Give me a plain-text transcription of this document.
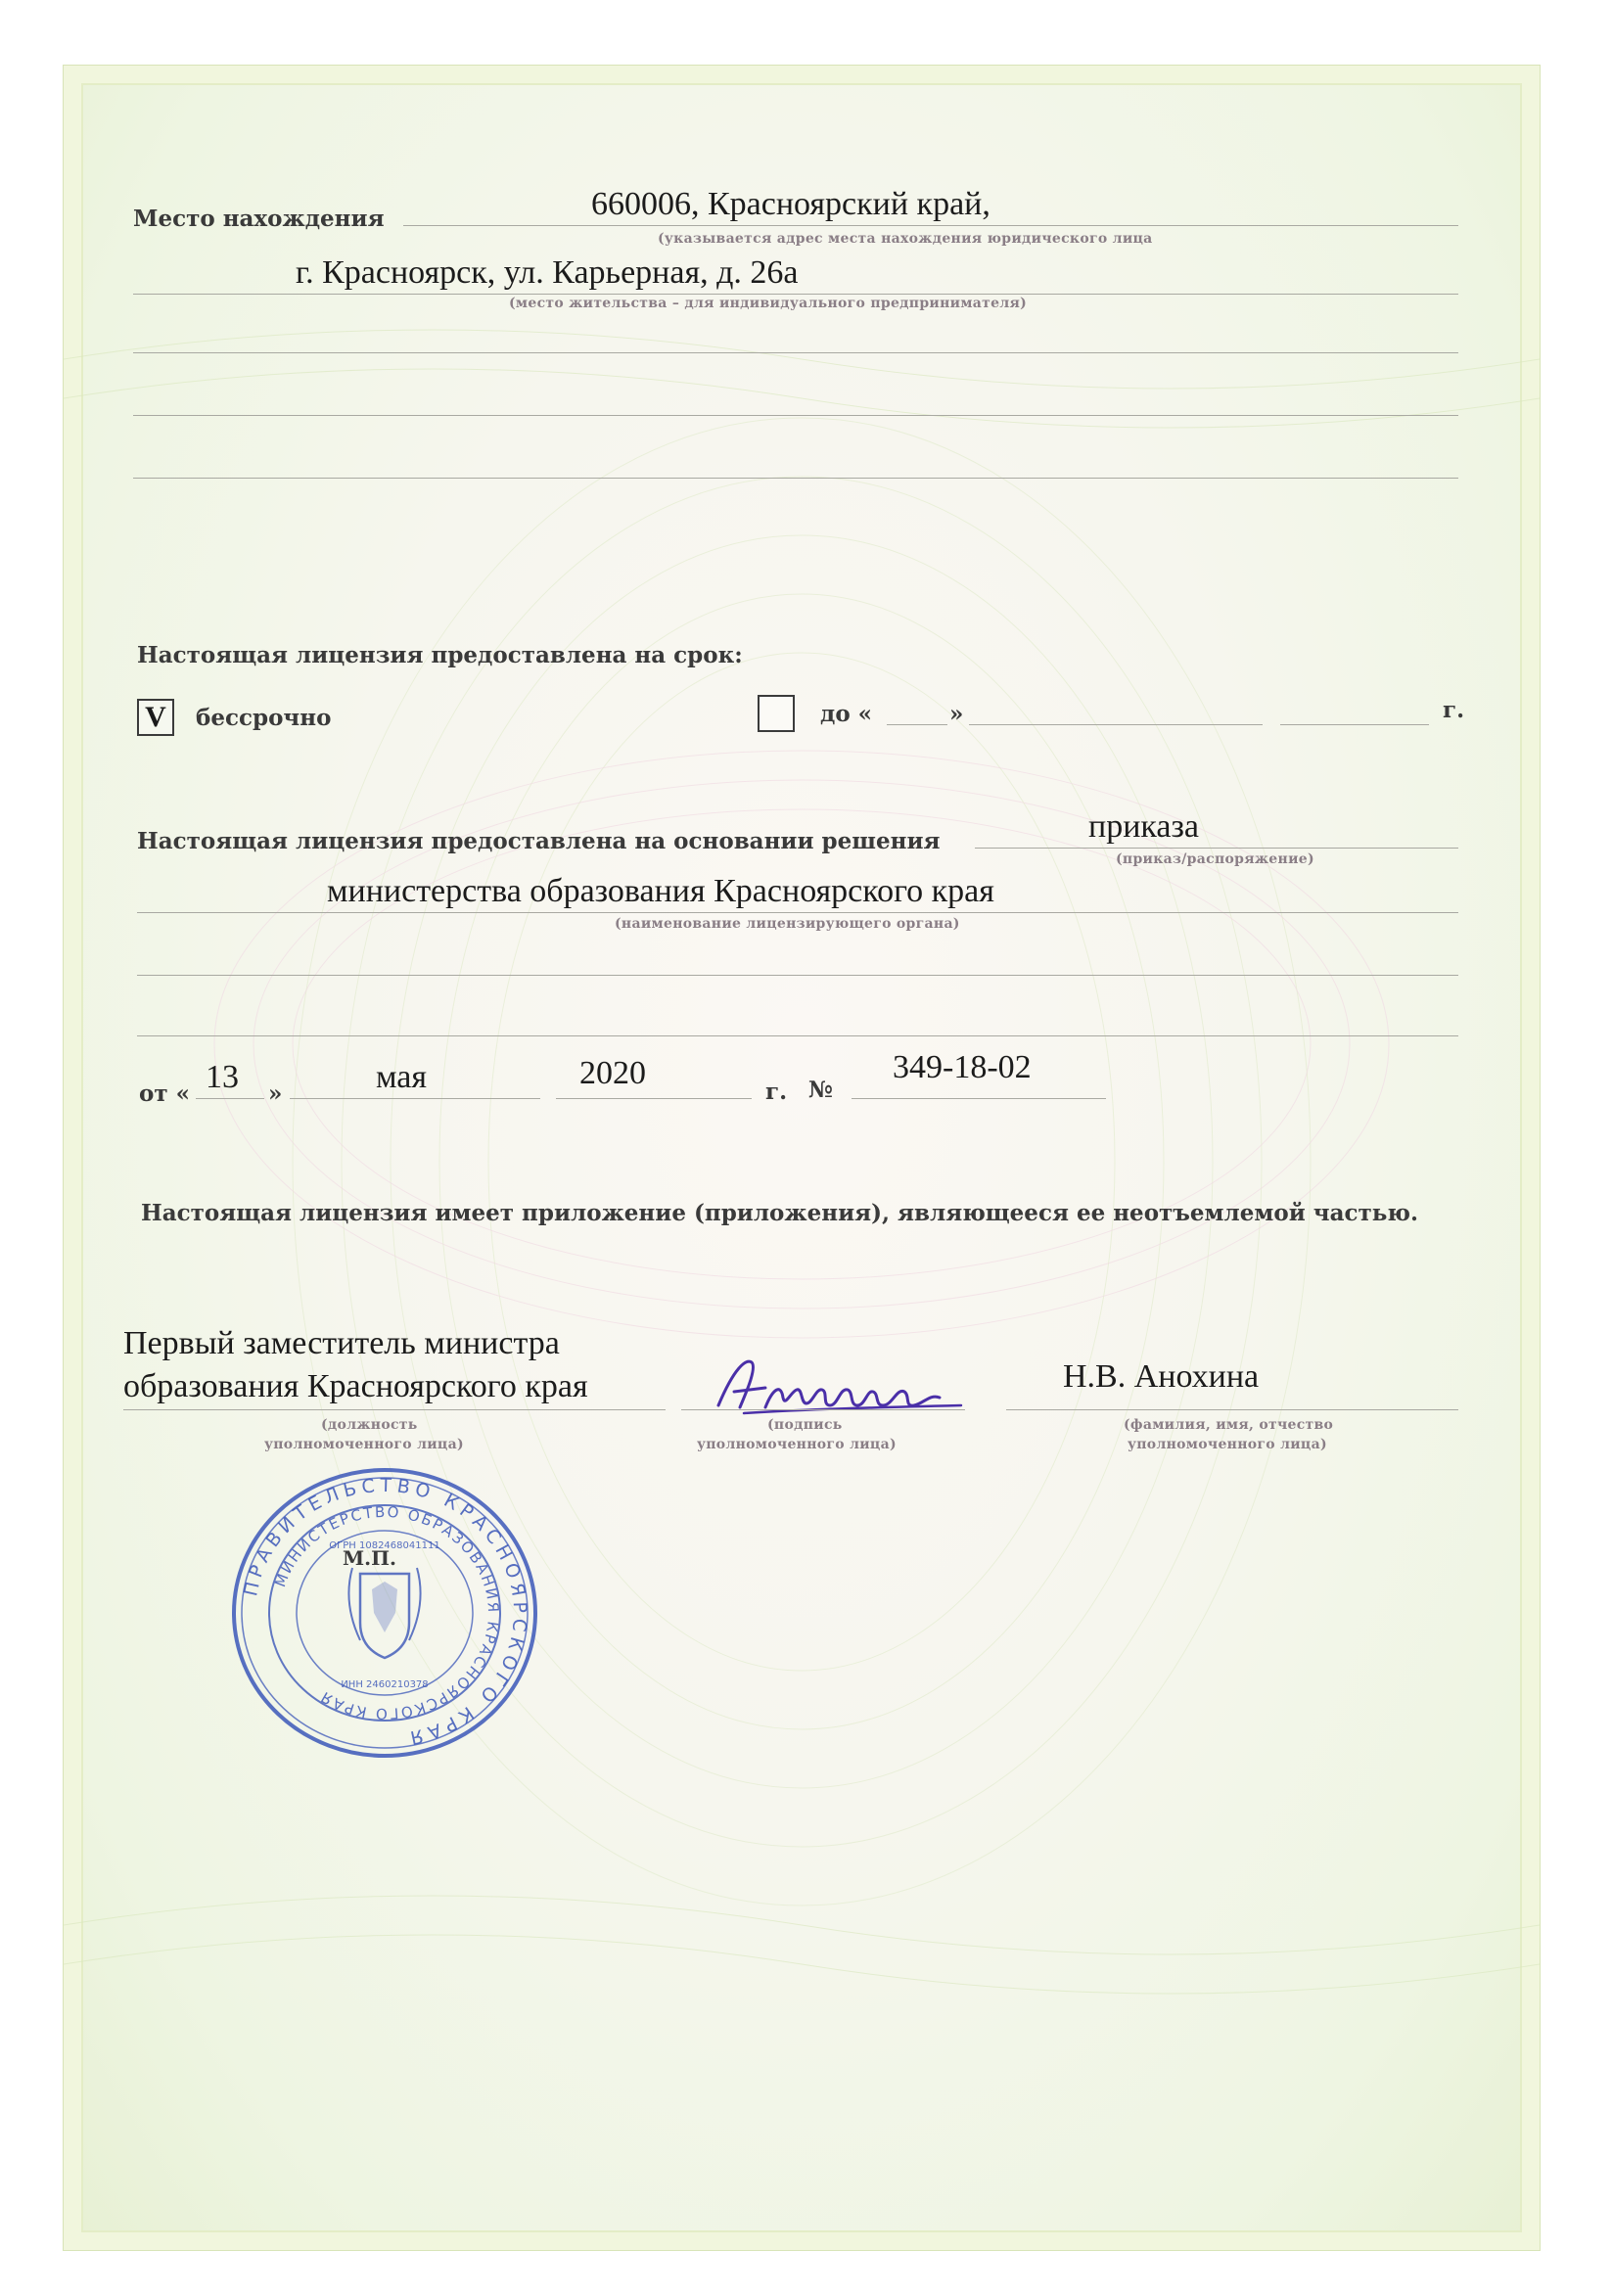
Место нахождения	660006, Красноярский край,
(указывается адрес места нахождения юридического лица
г. Красноярск, ул. Карьерная, д. 26а
(место жительства – для индивидуального предпринимателя)
Настоящая лицензия предоставлена на срок:
V бессрочно	до «	»	г.
Настоящая лицензия предоставлена на основании решения	приказа
(приказ/распоряжение)
министерства образования Красноярского края
(наименование лицензирующего органа)
от « 13 »	мая	2020
г. №
349-18-02
Настоящая лицензия имеет приложение (приложения), являющееся ее неотъемлемой частью.
Первый заместитель министра
образования Красноярского края
(должность
уполномоченного лица)
(подпись
уполномоченного лица)
Н.В. Анохина
(фамилия, имя, отчество
уполномоченного лица)
ПРАВИТЕЛЬСТВО КРАСНОЯРСКОГО КРАЯ
МИНИСТЕРСТВО ОБРАЗОВАНИЯ КРАСНОЯРСКОГО КРАЯ
ОГРН 1082468041111
ИНН 2460210378
М.П.
